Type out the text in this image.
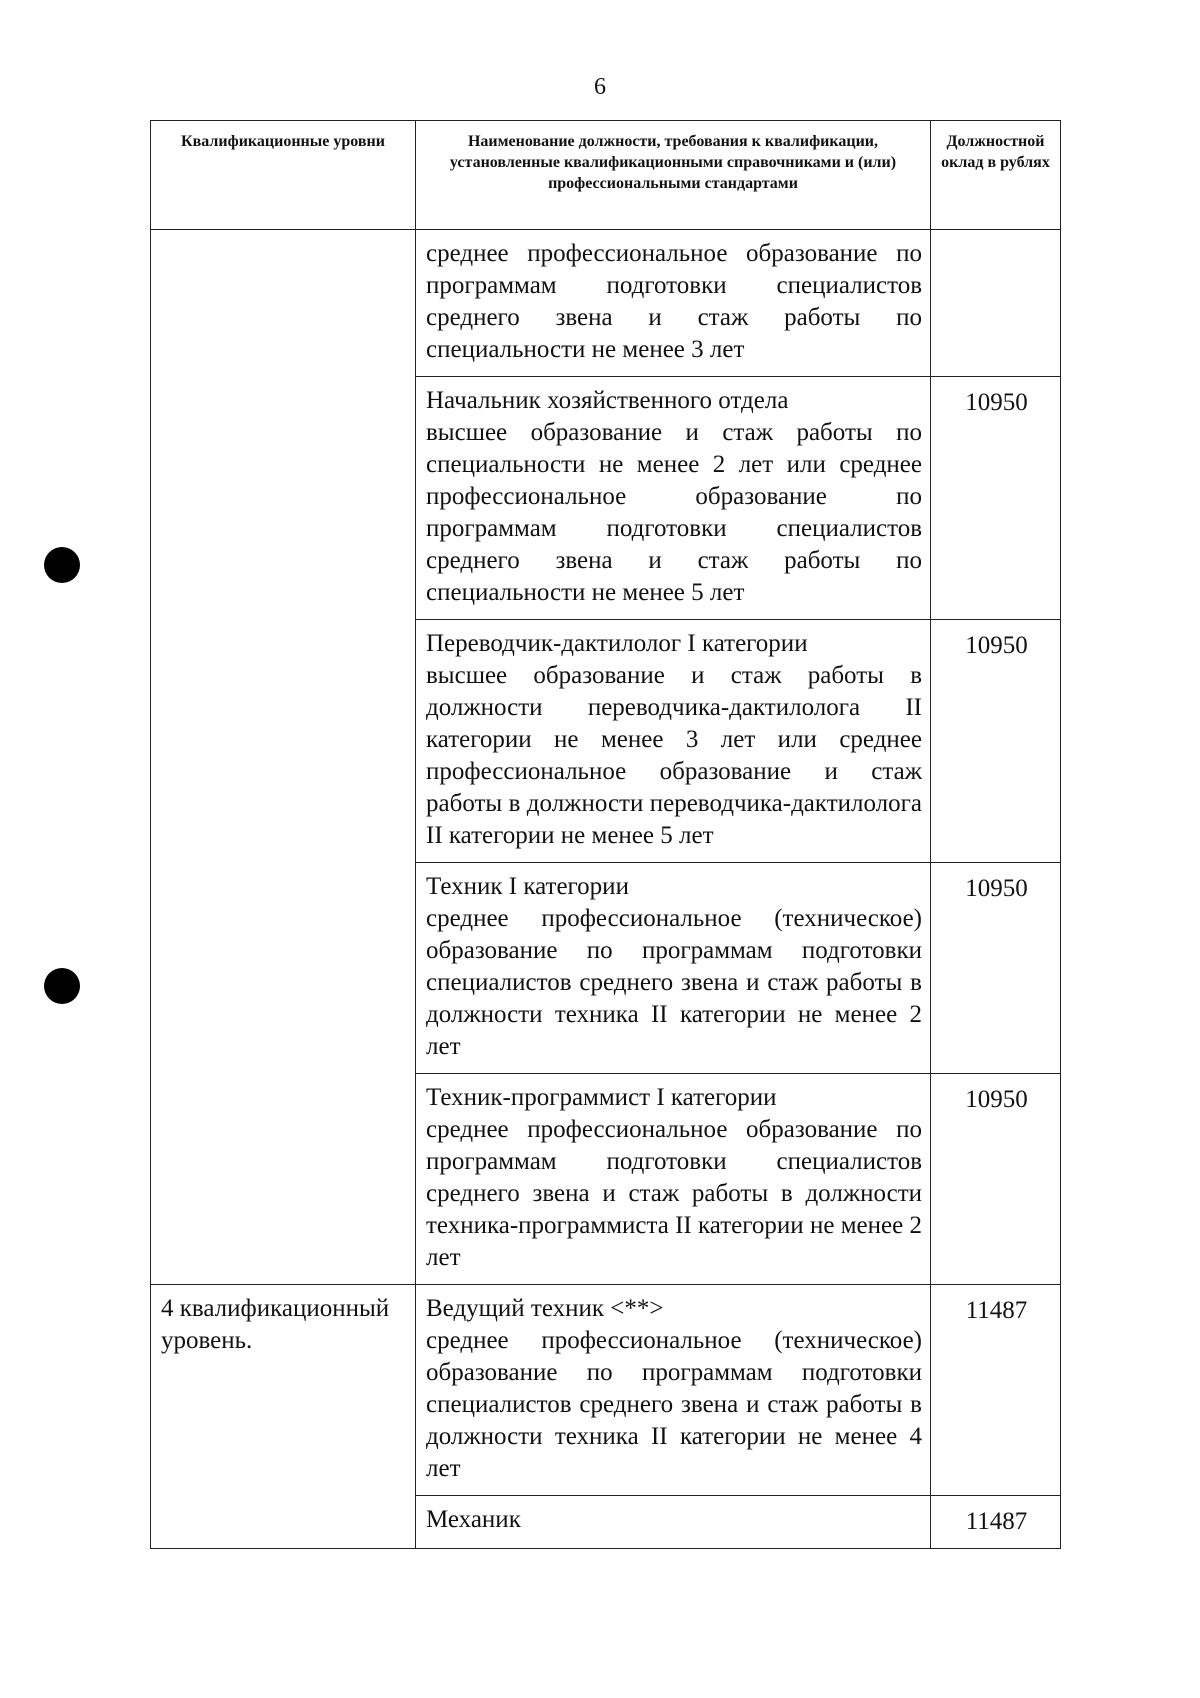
6
Квалификационные уровни	Наименование должности, требования к квалификации, установленные квалификационными справочниками и (или) профессиональными стандартами	Должностной оклад в рублях

	среднее профессиональное образование по программам подготовки специалистов среднего звена и стаж работы по специальности не менее 3 лет	

	Начальник хозяйственного отдела
высшее образование и стаж работы по специальности не менее 2 лет или среднее профессиональное образование по программам подготовки специалистов среднего звена и стаж работы по специальности не менее 5 лет	10950

	Переводчик-дактилолог I категории
высшее образование и стаж работы в должности переводчика-дактилолога II категории не менее 3 лет или среднее профессиональное образование и стаж работы в должности переводчика-дактилолога II категории не менее 5 лет	10950

	Техник I категории
среднее профессиональное (техническое) образование по программам подготовки специалистов среднего звена и стаж работы в должности техника II категории не менее 2 лет	10950

	Техник-программист I категории
среднее профессиональное образование по программам подготовки специалистов среднего звена и стаж работы в должности техника-программиста II категории не менее 2 лет	10950
4 квалификационный уровень.	Ведущий техник <**>
среднее профессиональное (техническое) образование по программам подготовки специалистов среднего звена и стаж работы в должности техника II категории не менее 4 лет	11487

	Механик	11487
